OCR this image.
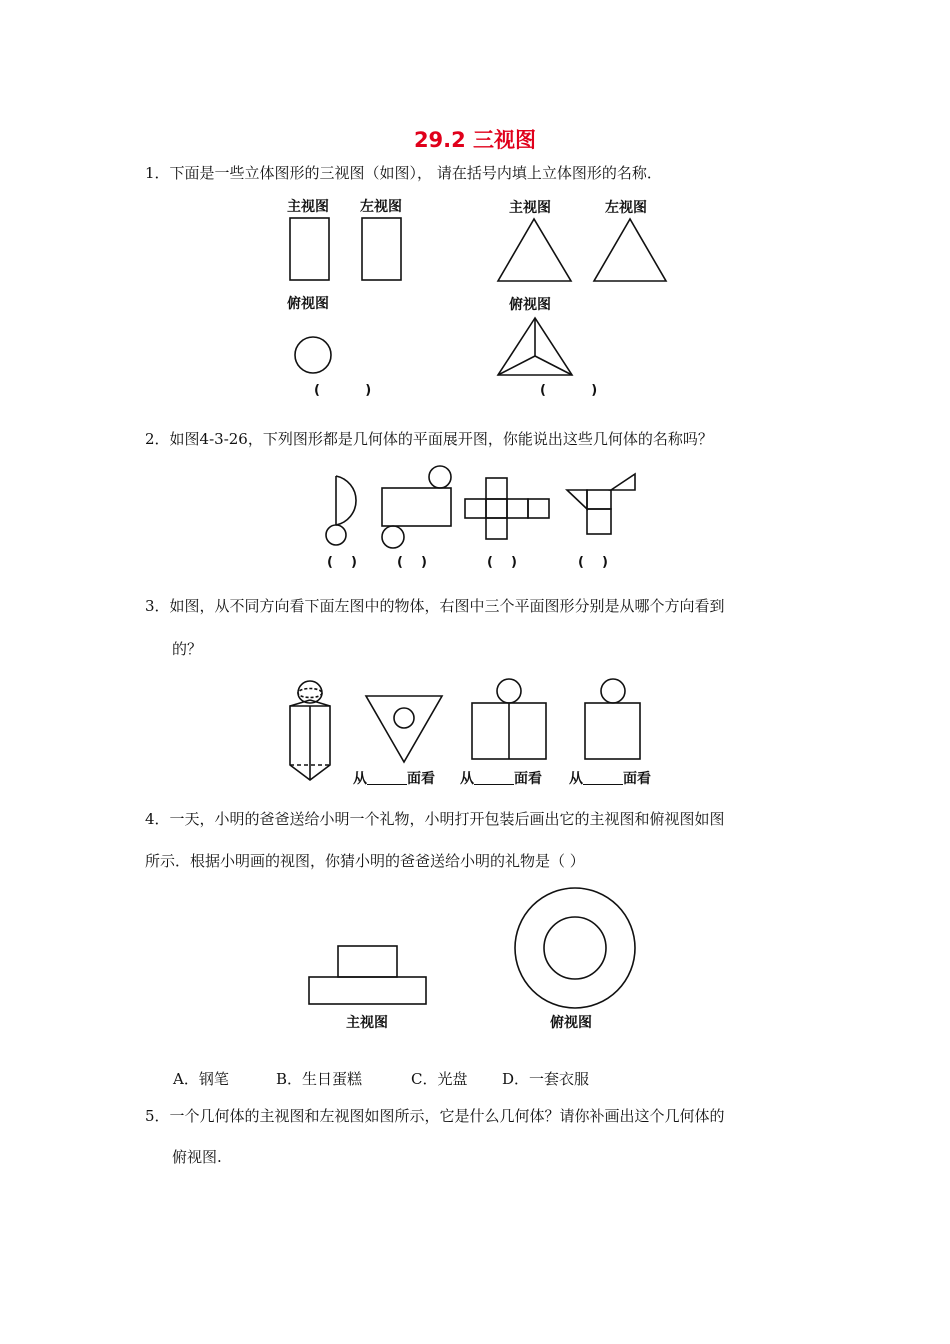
29.2 三视图
1．下面是一些立体图形的三视图（如图）， 请在括号内填上立体图形的名称．
主视图 左视图	主视图	左视图
俯视图	俯视图
(          )	(          )
(    )	(    )	(    )	(    )
2．如图4-3-26，下列图形都是几何体的平面展开图，你能说出这些几何体的名称吗？
3．如图，从不同方向看下面左图中的物体，右图中三个平面图形分别是从哪个方向看到
的？
从	面看 从	面看 从	面看
4．一天，小明的爸爸送给小明一个礼物，小明打开包装后画出它的主视图和俯视图如图
所示．根据小明画的视图，你猜小明的爸爸送给小明的礼物是（ ）
主视图	俯视图
A．钢笔	B．生日蛋糕	C．光盘 D．一套衣服
5．一个几何体的主视图和左视图如图所示，它是什么几何体？请你补画出这个几何体的
俯视图.
